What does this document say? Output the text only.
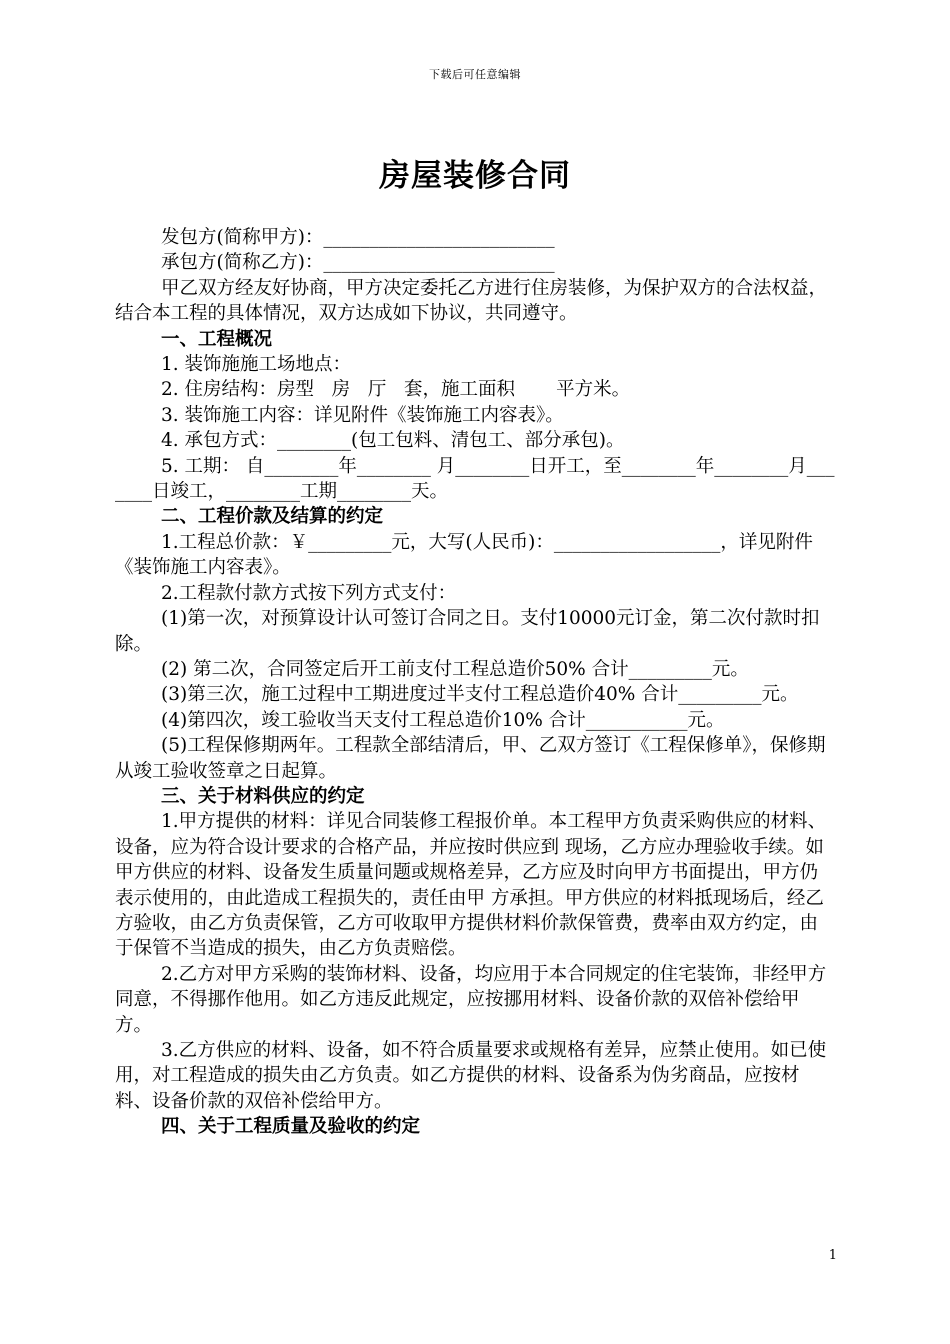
下载后可任意编辑
房屋装修合同

发包方(简称甲方)：_________________________

承包方(简称乙方)：_________________________

甲乙双方经友好协商，甲方决定委托乙方进行住房装修，为保护双方的合法权益，结合本工程的具体情况，双方达成如下协议，共同遵守。

一、工程概况

1. 装饰施施工场地点：

2. 住房结构：房型   房   厅   套，施工面积       平方米。

3. 装饰施工内容：详见附件《装饰施工内容表》。

4. 承包方式：________(包工包料、清包工、部分承包)。

5. 工期： 自________年________ 月________日开工，至________年________月_______日竣工，________工期________天。

二、工程价款及结算的约定

1.工程总价款：￥_________元，大写(人民币)：__________________，详见附件《装饰施工内容表》。

2.工程款付款方式按下列方式支付：

(1)第一次，对预算设计认可签订合同之日。支付10000元订金，第二次付款时扣除。

(2) 第二次，合同签定后开工前支付工程总造价50% 合计_________元。

(3)第三次，施工过程中工期进度过半支付工程总造价40% 合计_________元。

(4)第四次，竣工验收当天支付工程总造价10% 合计___________元。

(5)工程保修期两年。工程款全部结清后，甲、乙双方签订《工程保修单》，保修期从竣工验收签章之日起算。

三、关于材料供应的约定

1.甲方提供的材料：详见合同装修工程报价单。本工程甲方负责采购供应的材料、设备，应为符合设计要求的合格产品，并应按时供应到 现场，乙方应办理验收手续。如甲方供应的材料、设备发生质量问题或规格差异，乙方应及时向甲方书面提出，甲方仍表示使用的，由此造成工程损失的，责任由甲 方承担。甲方供应的材料抵现场后，经乙方验收，由乙方负责保管，乙方可收取甲方提供材料价款保管费，费率由双方约定，由于保管不当造成的损失，由乙方负责赔偿。

2.乙方对甲方采购的装饰材料、设备，均应用于本合同规定的住宅装饰，非经甲方同意，不得挪作他用。如乙方违反此规定，应按挪用材料、设备价款的双倍补偿给甲方。

3.乙方供应的材料、设备，如不符合质量要求或规格有差异，应禁止使用。如已使用，对工程造成的损失由乙方负责。如乙方提供的材料、设备系为伪劣商品，应按材料、设备价款的双倍补偿给甲方。

四、关于工程质量及验收的约定

1
